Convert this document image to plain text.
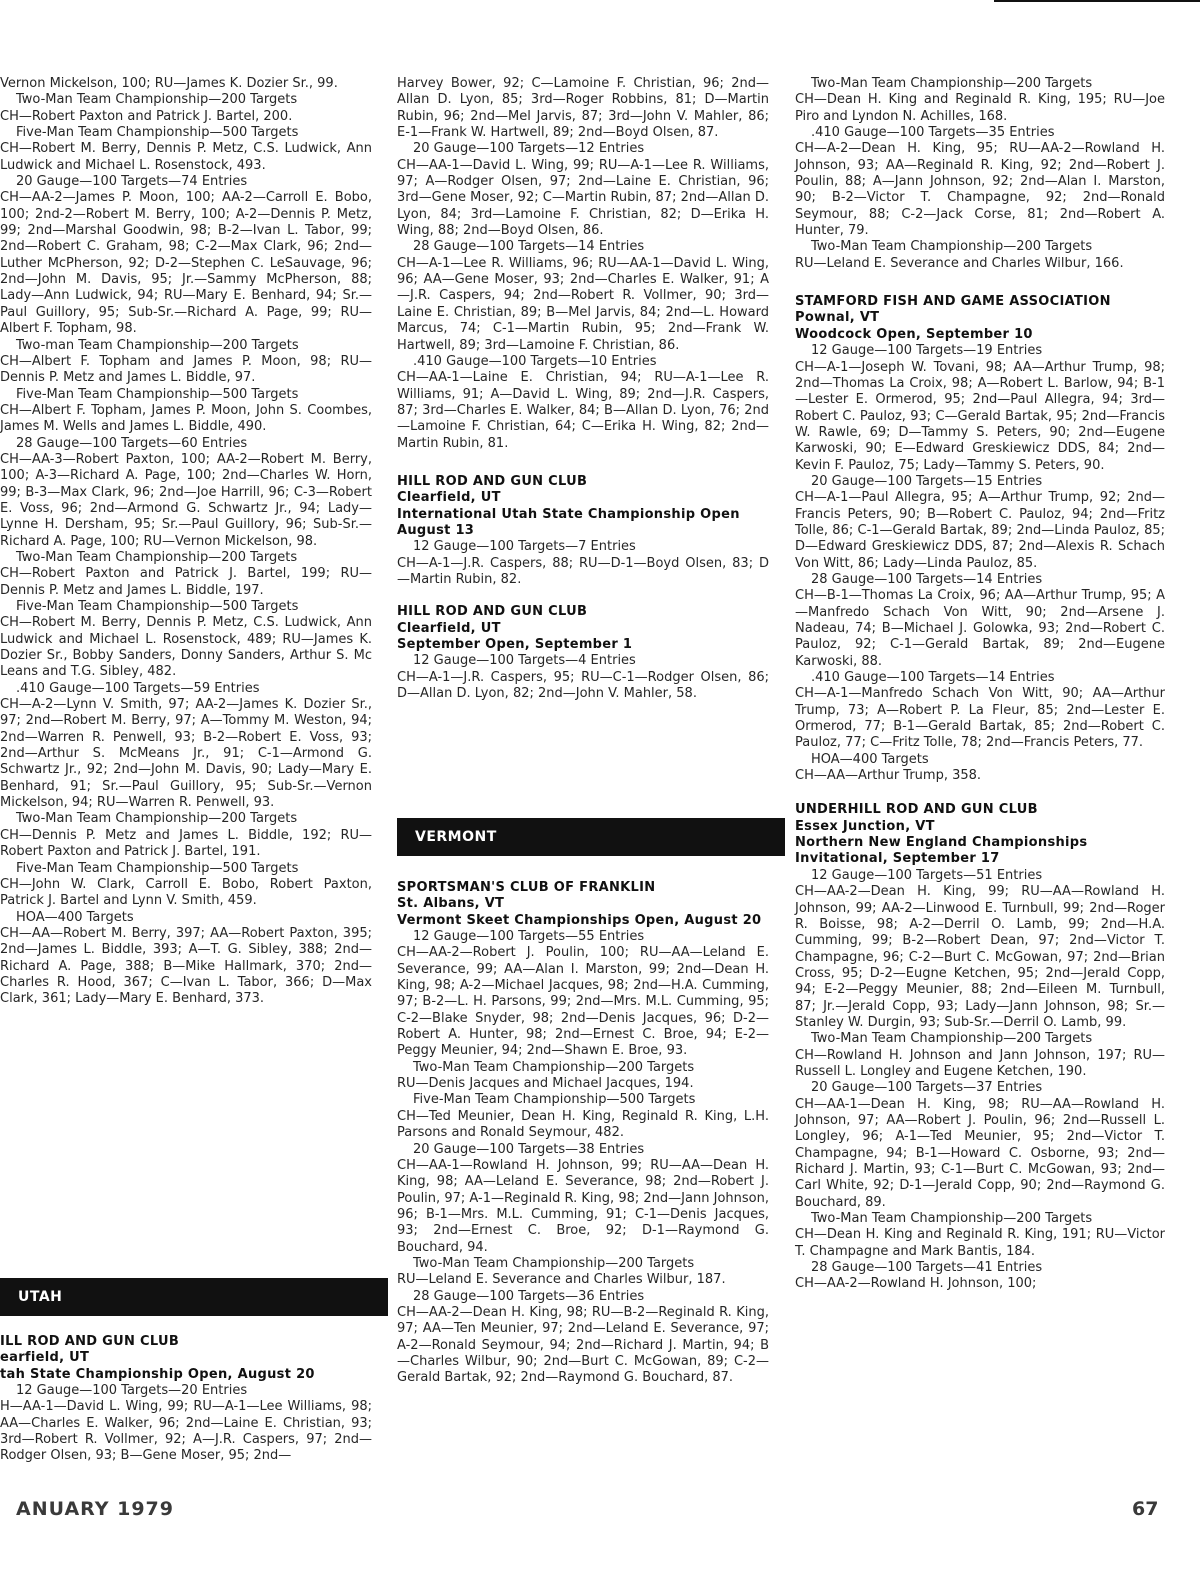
Vernon Mickelson, 100; RU—James K. Dozier Sr., 99.
Two-Man Team Championship—200 Targets
CH—Robert Paxton and Patrick J. Bartel, 200.
Five-Man Team Championship—500 Targets
CH—Robert M. Berry, Dennis P. Metz, C.S. Ludwick, Ann Ludwick and Michael L. Rosenstock, 493.
20 Gauge—100 Targets—74 Entries
CH—AA-2—James P. Moon, 100; AA-2—Carroll E. Bobo, 100; 2nd-2—Robert M. Berry, 100; A-2—Dennis P. Metz, 99; 2nd—Marshal Goodwin, 98; B-2—Ivan L. Tabor, 99; 2nd—Robert C. Graham, 98; C-2—Max Clark, 96; 2nd—Luther McPherson, 92; D-2—Stephen C. LeSauvage, 96; 2nd—John M. Davis, 95; Jr.—Sammy McPherson, 88; Lady—Ann Ludwick, 94; RU—Mary E. Benhard, 94; Sr.—Paul Guillory, 95; Sub-Sr.—Richard A. Page, 99; RU—Albert F. Topham, 98.
Two-man Team Championship—200 Targets
CH—Albert F. Topham and James P. Moon, 98; RU—Dennis P. Metz and James L. Biddle, 97.
Five-Man Team Championship—500 Targets
CH—Albert F. Topham, James P. Moon, John S. Coombes, James M. Wells and James L. Biddle, 490.
28 Gauge—100 Targets—60 Entries
CH—AA-3—Robert Paxton, 100; AA-2—Robert M. Berry, 100; A-3—Richard A. Page, 100; 2nd—Charles W. Horn, 99; B-3—Max Clark, 96; 2nd—Joe Harrill, 96; C-3—Robert E. Voss, 96; 2nd—Armond G. Schwartz Jr., 94; Lady—Lynne H. Dersham, 95; Sr.—Paul Guillory, 96; Sub-Sr.—Richard A. Page, 100; RU—Vernon Mickelson, 98.
Two-Man Team Championship—200 Targets
CH—Robert Paxton and Patrick J. Bartel, 199; RU—Dennis P. Metz and James L. Biddle, 197.
Five-Man Team Championship—500 Targets
CH—Robert M. Berry, Dennis P. Metz, C.S. Ludwick, Ann Ludwick and Michael L. Rosenstock, 489; RU—James K. Dozier Sr., Bobby Sanders, Donny Sanders, Arthur S. Mc Leans and T.G. Sibley, 482.
.410 Gauge—100 Targets—59 Entries
CH—A-2—Lynn V. Smith, 97; AA-2—James K. Dozier Sr., 97; 2nd—Robert M. Berry, 97; A—Tommy M. Weston, 94; 2nd—Warren R. Penwell, 93; B-2—Robert E. Voss, 93; 2nd—Arthur S. McMeans Jr., 91; C-1—Armond G. Schwartz Jr., 92; 2nd—John M. Davis, 90; Lady—Mary E. Benhard, 91; Sr.—Paul Guillory, 95; Sub-Sr.—Vernon Mickelson, 94; RU—Warren R. Penwell, 93.
Two-Man Team Championship—200 Targets
CH—Dennis P. Metz and James L. Biddle, 192; RU—Robert Paxton and Patrick J. Bartel, 191.
Five-Man Team Championship—500 Targets
CH—John W. Clark, Carroll E. Bobo, Robert Paxton, Patrick J. Bartel and Lynn V. Smith, 459.
HOA—400 Targets
CH—AA—Robert M. Berry, 397; AA—Robert Paxton, 395; 2nd—James L. Biddle, 393; A—T. G. Sibley, 388; 2nd—Richard A. Page, 388; B—Mike Hallmark, 370; 2nd—Charles R. Hood, 367; C—Ivan L. Tabor, 366; D—Max Clark, 361; Lady—Mary E. Benhard, 373.
UTAH
ILL ROD AND GUN CLUB
earfield, UT
tah State Championship Open, August 20
12 Gauge—100 Targets—20 Entries
H—AA-1—David L. Wing, 99; RU—A-1—Lee Williams, 98; AA—Charles E. Walker, 96; 2nd—Laine E. Christian, 93; 3rd—Robert R. Vollmer, 92; A—J.R. Caspers, 97; 2nd—Rodger Olsen, 93; B—Gene Moser, 95; 2nd—
Harvey Bower, 92; C—Lamoine F. Christian, 96; 2nd—Allan D. Lyon, 85; 3rd—Roger Robbins, 81; D—Martin Rubin, 96; 2nd—Mel Jarvis, 87; 3rd—John V. Mahler, 86; E-1—Frank W. Hartwell, 89; 2nd—Boyd Olsen, 87.
20 Gauge—100 Targets—12 Entries
CH—AA-1—David L. Wing, 99; RU—A-1—Lee R. Williams, 97; A—Rodger Olsen, 97; 2nd—Laine E. Christian, 96; 3rd—Gene Moser, 92; C—Martin Rubin, 87; 2nd—Allan D. Lyon, 84; 3rd—Lamoine F. Christian, 82; D—Erika H. Wing, 88; 2nd—Boyd Olsen, 86.
28 Gauge—100 Targets—14 Entries
CH—A-1—Lee R. Williams, 96; RU—AA-1—David L. Wing, 96; AA—Gene Moser, 93; 2nd—Charles E. Walker, 91; A—J.R. Caspers, 94; 2nd—Robert R. Vollmer, 90; 3rd—Laine E. Christian, 89; B—Mel Jarvis, 84; 2nd—L. Howard Marcus, 74; C-1—Martin Rubin, 95; 2nd—Frank W. Hartwell, 89; 3rd—Lamoine F. Christian, 86.
.410 Gauge—100 Targets—10 Entries
CH—AA-1—Laine E. Christian, 94; RU—A-1—Lee R. Williams, 91; A—David L. Wing, 89; 2nd—J.R. Caspers, 87; 3rd—Charles E. Walker, 84; B—Allan D. Lyon, 76; 2nd—Lamoine F. Christian, 64; C—Erika H. Wing, 82; 2nd—Martin Rubin, 81.
HILL ROD AND GUN CLUB
Clearfield, UT
International Utah State Championship Open August 13
12 Gauge—100 Targets—7 Entries
CH—A-1—J.R. Caspers, 88; RU—D-1—Boyd Olsen, 83; D—Martin Rubin, 82.
HILL ROD AND GUN CLUB
Clearfield, UT
September Open, September 1
12 Gauge—100 Targets—4 Entries
CH—A-1—J.R. Caspers, 95; RU—C-1—Rodger Olsen, 86; D—Allan D. Lyon, 82; 2nd—John V. Mahler, 58.
VERMONT
SPORTSMAN'S CLUB OF FRANKLIN
St. Albans, VT
Vermont Skeet Championships Open, August 20
12 Gauge—100 Targets—55 Entries
CH—AA-2—Robert J. Poulin, 100; RU—AA—Leland E. Severance, 99; AA—Alan I. Marston, 99; 2nd—Dean H. King, 98; A-2—Michael Jacques, 98; 2nd—H.A. Cumming, 97; B-2—L. H. Parsons, 99; 2nd—Mrs. M.L. Cumming, 95; C-2—Blake Snyder, 98; 2nd—Denis Jacques, 96; D-2—Robert A. Hunter, 98; 2nd—Ernest C. Broe, 94; E-2—Peggy Meunier, 94; 2nd—Shawn E. Broe, 93.
Two-Man Team Championship—200 Targets
RU—Denis Jacques and Michael Jacques, 194.
Five-Man Team Championship—500 Targets
CH—Ted Meunier, Dean H. King, Reginald R. King, L.H. Parsons and Ronald Seymour, 482.
20 Gauge—100 Targets—38 Entries
CH—AA-1—Rowland H. Johnson, 99; RU—AA—Dean H. King, 98; AA—Leland E. Severance, 98; 2nd—Robert J. Poulin, 97; A-1—Reginald R. King, 98; 2nd—Jann Johnson, 96; B-1—Mrs. M.L. Cumming, 91; C-1—Denis Jacques, 93; 2nd—Ernest C. Broe, 92; D-1—Raymond G. Bouchard, 94.
Two-Man Team Championship—200 Targets
RU—Leland E. Severance and Charles Wilbur, 187.
28 Gauge—100 Targets—36 Entries
CH—AA-2—Dean H. King, 98; RU—B-2—Reginald R. King, 97; AA—Ten Meunier, 97; 2nd—Leland E. Severance, 97; A-2—Ronald Seymour, 94; 2nd—Richard J. Martin, 94; B—Charles Wilbur, 90; 2nd—Burt C. McGowan, 89; C-2—Gerald Bartak, 92; 2nd—Raymond G. Bouchard, 87.
Two-Man Team Championship—200 Targets
CH—Dean H. King and Reginald R. King, 195; RU—Joe Piro and Lyndon N. Achilles, 168.
.410 Gauge—100 Targets—35 Entries
CH—A-2—Dean H. King, 95; RU—AA-2—Rowland H. Johnson, 93; AA—Reginald R. King, 92; 2nd—Robert J. Poulin, 88; A—Jann Johnson, 92; 2nd—Alan I. Marston, 90; B-2—Victor T. Champagne, 92; 2nd—Ronald Seymour, 88; C-2—Jack Corse, 81; 2nd—Robert A. Hunter, 79.
Two-Man Team Championship—200 Targets
RU—Leland E. Severance and Charles Wilbur, 166.
STAMFORD FISH AND GAME ASSOCIATION
Pownal, VT
Woodcock Open, September 10
12 Gauge—100 Targets—19 Entries
CH—A-1—Joseph W. Tovani, 98; AA—Arthur Trump, 98; 2nd—Thomas La Croix, 98; A—Robert L. Barlow, 94; B-1—Lester E. Ormerod, 95; 2nd—Paul Allegra, 94; 3rd—Robert C. Pauloz, 93; C—Gerald Bartak, 95; 2nd—Francis W. Rawle, 69; D—Tammy S. Peters, 90; 2nd—Eugene Karwoski, 90; E—Edward Greskiewicz DDS, 84; 2nd—Kevin F. Pauloz, 75; Lady—Tammy S. Peters, 90.
20 Gauge—100 Targets—15 Entries
CH—A-1—Paul Allegra, 95; A—Arthur Trump, 92; 2nd—Francis Peters, 90; B—Robert C. Pauloz, 94; 2nd—Fritz Tolle, 86; C-1—Gerald Bartak, 89; 2nd—Linda Pauloz, 85; D—Edward Greskiewicz DDS, 87; 2nd—Alexis R. Schach Von Witt, 86; Lady—Linda Pauloz, 85.
28 Gauge—100 Targets—14 Entries
CH—B-1—Thomas La Croix, 96; AA—Arthur Trump, 95; A—Manfredo Schach Von Witt, 90; 2nd—Arsene J. Nadeau, 74; B—Michael J. Golowka, 93; 2nd—Robert C. Pauloz, 92; C-1—Gerald Bartak, 89; 2nd—Eugene Karwoski, 88.
.410 Gauge—100 Targets—14 Entries
CH—A-1—Manfredo Schach Von Witt, 90; AA—Arthur Trump, 73; A—Robert P. La Fleur, 85; 2nd—Lester E. Ormerod, 77; B-1—Gerald Bartak, 85; 2nd—Robert C. Pauloz, 77; C—Fritz Tolle, 78; 2nd—Francis Peters, 77.
HOA—400 Targets
CH—AA—Arthur Trump, 358.
UNDERHILL ROD AND GUN CLUB
Essex Junction, VT
Northern New England Championships Invitational, September 17
12 Gauge—100 Targets—51 Entries
CH—AA-2—Dean H. King, 99; RU—AA—Rowland H. Johnson, 99; AA-2—Linwood E. Turnbull, 99; 2nd—Roger R. Boisse, 98; A-2—Derril O. Lamb, 99; 2nd—H.A. Cumming, 99; B-2—Robert Dean, 97; 2nd—Victor T. Champagne, 96; C-2—Burt C. McGowan, 97; 2nd—Brian Cross, 95; D-2—Eugne Ketchen, 95; 2nd—Jerald Copp, 94; E-2—Peggy Meunier, 88; 2nd—Eileen M. Turnbull, 87; Jr.—Jerald Copp, 93; Lady—Jann Johnson, 98; Sr.—Stanley W. Durgin, 93; Sub-Sr.—Derril O. Lamb, 99.
Two-Man Team Championship—200 Targets
CH—Rowland H. Johnson and Jann Johnson, 197; RU—Russell L. Longley and Eugene Ketchen, 190.
20 Gauge—100 Targets—37 Entries
CH—AA-1—Dean H. King, 98; RU—AA—Rowland H. Johnson, 97; AA—Robert J. Poulin, 96; 2nd—Russell L. Longley, 96; A-1—Ted Meunier, 95; 2nd—Victor T. Champagne, 94; B-1—Howard C. Osborne, 93; 2nd—Richard J. Martin, 93; C-1—Burt C. McGowan, 93; 2nd—Carl White, 92; D-1—Jerald Copp, 90; 2nd—Raymond G. Bouchard, 89.
Two-Man Team Championship—200 Targets
CH—Dean H. King and Reginald R. King, 191; RU—Victor T. Champagne and Mark Bantis, 184.
28 Gauge—100 Targets—41 Entries
CH—AA-2—Rowland H. Johnson, 100;
ANUARY 1979	67
